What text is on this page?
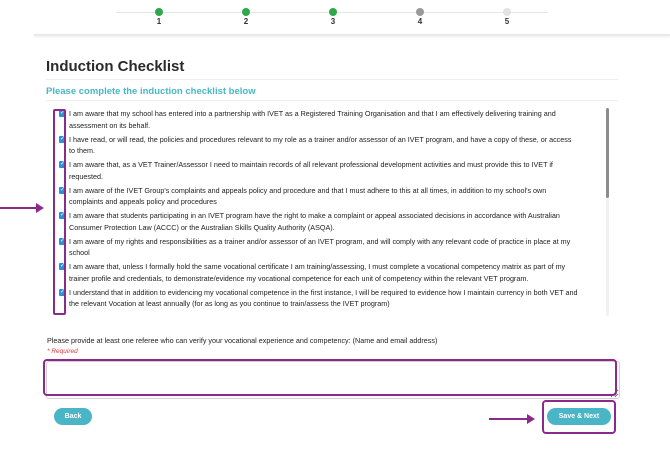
1	2	3	4	5
Induction Checklist
Please complete the induction checklist below
✓ I am aware that my school has entered into a partnership with IVET as a Registered Training Organisation and that I am effectively delivering training and assessment on its behalf.
✓ I have read, or will read, the policies and procedures relevant to my role as a trainer and/or assessor of an IVET program, and have a copy of these, or access to them.
✓ I am aware that, as a VET Trainer/Assessor I need to maintain records of all relevant professional development activities and must provide this to IVET if requested.
✓ I am aware of the IVET Group's complaints and appeals policy and procedure and that I must adhere to this at all times, in addition to my school's own complaints and appeals policy and procedures
✓ I am aware that students participating in an IVET program have the right to make a complaint or appeal associated decisions in accordance with Australian Consumer Protection Law (ACCC) or the Australian Skills Quality Authority (ASQA).
✓ I am aware of my rights and responsibilities as a trainer and/or assessor of an IVET program, and will comply with any relevant code of practice in place at my school
✓ I am aware that, unless I formally hold the same vocational certificate I am training/assessing, I must complete a vocational competency matrix as part of my trainer profile and credentials, to demonstrate/evidence my vocational competence for each unit of competency within the relevant VET program.
✓ I understand that in addition to evidencing my vocational competence in the first instance, I will be required to evidence how I maintain currency in both VET and the relevant Vocation at least annually (for as long as you continue to train/assess the IVET program)
Please provide at least one referee who can verify your vocational experience and competency: (Name and email address)
* Required
Back	Save & Next
